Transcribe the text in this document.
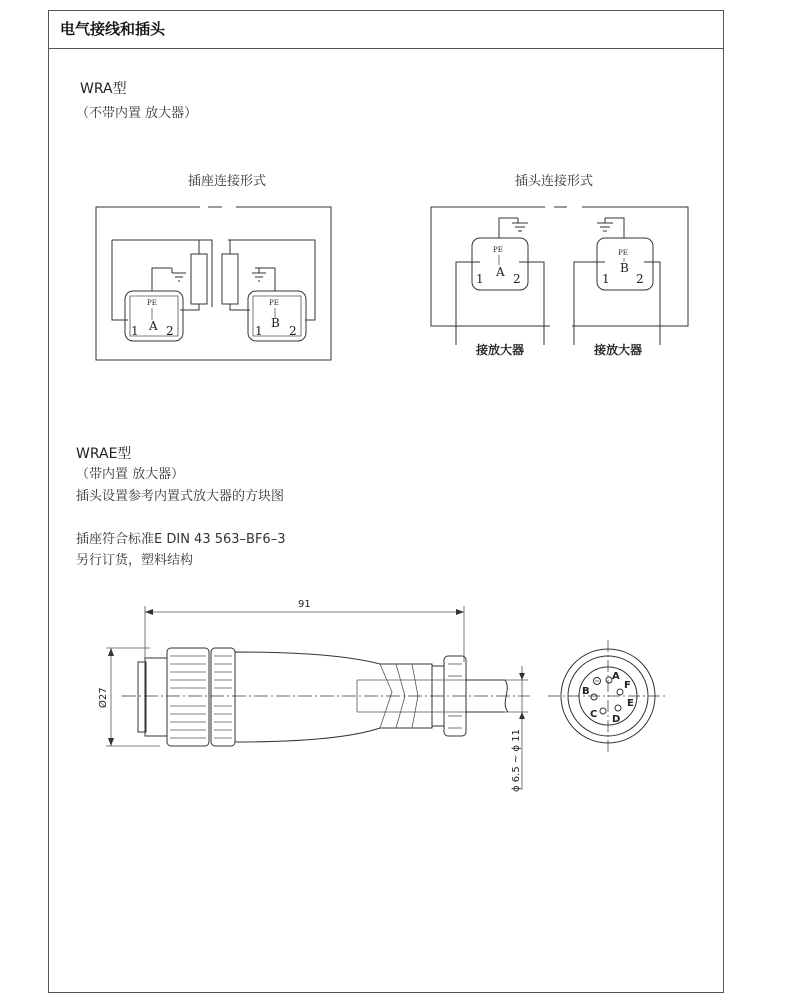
电气接线和插头
WRA型
（不带内置 放大器）
插座连接形式	插头连接形式
WRAE型
（带内置 放大器）
插头设置参考内置式放大器的方块图
插座符合标准E DIN 43 563–BF6–3
另行订货，塑料结构
PE
1 A 2
PE
1
B
2
PE
A
1 2
PE
B
1 2
接放大器	接放大器
91
Ø27
ϕ 6.5 ~ ϕ 11
A
B
C D
E
F
